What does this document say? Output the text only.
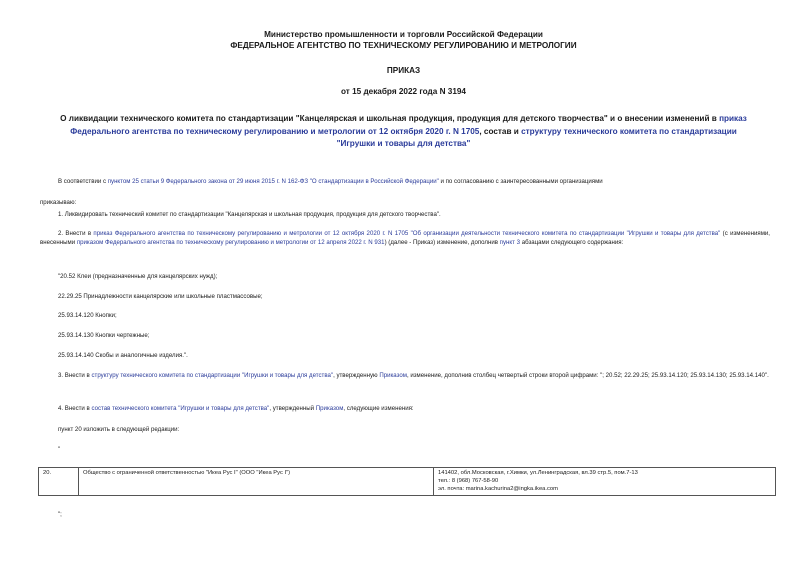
Министерство промышленности и торговли Российской Федерации
ФЕДЕРАЛЬНОЕ АГЕНТСТВО ПО ТЕХНИЧЕСКОМУ РЕГУЛИРОВАНИЮ И МЕТРОЛОГИИ
ПРИКАЗ
от 15 декабря 2022 года N 3194
О ликвидации технического комитета по стандартизации "Канцелярская и школьная продукция, продукция для детского творчества" и о внесении изменений в приказ Федерального агентства по техническому регулированию и метрологии от 12 октября 2020 г. N 1705, состав и структуру технического комитета по стандартизации "Игрушки и товары для детства"
В соответствии с пунктом 25 статьи 9 Федерального закона от 29 июня 2015 г. N 162-ФЗ "О стандартизации в Российской Федерации" и по согласованию с заинтересованными организациями
приказываю:
1. Ликвидировать технический комитет по стандартизации "Канцелярская и школьная продукция, продукция для детского творчества".
2. Внести в приказ Федерального агентства по техническому регулированию и метрологии от 12 октября 2020 г. N 1705 "Об организации деятельности технического комитета по стандартизации "Игрушки и товары для детства" (с изменениями, внесенными приказом Федерального агентства по техническому регулированию и метрологии от 12 апреля 2022 г. N 931) (далее - Приказ) изменение, дополнив пункт 3 абзацами следующего содержания:
"20.52 Клеи (предназначенные для канцелярских нужд);
22.29.25 Принадлежности канцелярские или школьные пластмассовые;
25.93.14.120 Кнопки;
25.93.14.130 Кнопки чертежные;
25.93.14.140 Скобы и аналогичные изделия.".
3. Внести в структуру технического комитета по стандартизации "Игрушки и товары для детства", утвержденную Приказом, изменение, дополнив столбец четвертый строки второй цифрами: "; 20.52; 22.29.25; 25.93.14.120; 25.93.14.130; 25.93.14.140".
4. Внести в состав технического комитета "Игрушки и товары для детства", утвержденный Приказом, следующие изменения:
пункт 20 изложить в следующей редакции:
"
20.	Общество с ограниченной ответственностью "Икеа Рус I" (ООО "Икеа Рус I")	141402, обл.Московская, г.Химки, ул.Ленинградская, вл.39 стр.5, пом.7-13
тел.: 8 (968) 767-58-90
эл. почта: marina.kachurina2@ingka.ikea.com
";
